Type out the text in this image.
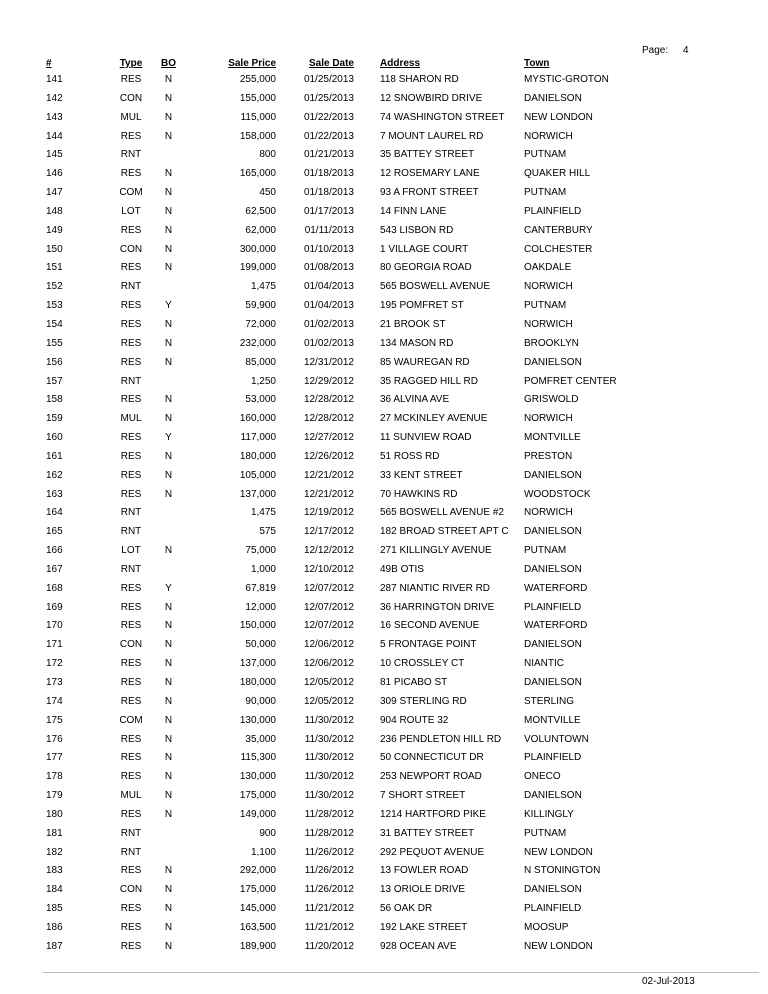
Page: 4
#	Type	BO	Sale Price	Sale Date	Address	Town
141	RES	N	255,000	01/25/2013	118 SHARON RD	MYSTIC-GROTON
142	CON	N	155,000	01/25/2013	12 SNOWBIRD DRIVE	DANIELSON
143	MUL	N	115,000	01/22/2013	74 WASHINGTON STREET	NEW LONDON
144	RES	N	158,000	01/22/2013	7 MOUNT LAUREL RD	NORWICH
145	RNT		800	01/21/2013	35 BATTEY STREET	PUTNAM
146	RES	N	165,000	01/18/2013	12 ROSEMARY LANE	QUAKER HILL
147	COM	N	450	01/18/2013	93 A FRONT STREET	PUTNAM
148	LOT	N	62,500	01/17/2013	14 FINN LANE	PLAINFIELD
149	RES	N	62,000	01/11/2013	543 LISBON RD	CANTERBURY
150	CON	N	300,000	01/10/2013	1 VILLAGE COURT	COLCHESTER
151	RES	N	199,000	01/08/2013	80 GEORGIA ROAD	OAKDALE
152	RNT		1,475	01/04/2013	565 BOSWELL AVENUE	NORWICH
153	RES	Y	59,900	01/04/2013	195 POMFRET ST	PUTNAM
154	RES	N	72,000	01/02/2013	21 BROOK ST	NORWICH
155	RES	N	232,000	01/02/2013	134 MASON RD	BROOKLYN
156	RES	N	85,000	12/31/2012	85 WAUREGAN RD	DANIELSON
157	RNT		1,250	12/29/2012	35 RAGGED HILL RD	POMFRET CENTER
158	RES	N	53,000	12/28/2012	36 ALVINA AVE	GRISWOLD
159	MUL	N	160,000	12/28/2012	27 MCKINLEY AVENUE	NORWICH
160	RES	Y	117,000	12/27/2012	11 SUNVIEW ROAD	MONTVILLE
161	RES	N	180,000	12/26/2012	51 ROSS RD	PRESTON
162	RES	N	105,000	12/21/2012	33 KENT STREET	DANIELSON
163	RES	N	137,000	12/21/2012	70 HAWKINS RD	WOODSTOCK
164	RNT		1,475	12/19/2012	565 BOSWELL AVENUE #2	NORWICH
165	RNT		575	12/17/2012	182 BROAD STREET APT C	DANIELSON
166	LOT	N	75,000	12/12/2012	271 KILLINGLY AVENUE	PUTNAM
167	RNT		1,000	12/10/2012	49B OTIS	DANIELSON
168	RES	Y	67,819	12/07/2012	287 NIANTIC RIVER RD	WATERFORD
169	RES	N	12,000	12/07/2012	36 HARRINGTON DRIVE	PLAINFIELD
170	RES	N	150,000	12/07/2012	16 SECOND AVENUE	WATERFORD
171	CON	N	50,000	12/06/2012	5 FRONTAGE POINT	DANIELSON
172	RES	N	137,000	12/06/2012	10 CROSSLEY CT	NIANTIC
173	RES	N	180,000	12/05/2012	81 PICABO ST	DANIELSON
174	RES	N	90,000	12/05/2012	309 STERLING RD	STERLING
175	COM	N	130,000	11/30/2012	904 ROUTE 32	MONTVILLE
176	RES	N	35,000	11/30/2012	236 PENDLETON HILL RD	VOLUNTOWN
177	RES	N	115,300	11/30/2012	50 CONNECTICUT DR	PLAINFIELD
178	RES	N	130,000	11/30/2012	253 NEWPORT ROAD	ONECO
179	MUL	N	175,000	11/30/2012	7 SHORT STREET	DANIELSON
180	RES	N	149,000	11/28/2012	1214 HARTFORD PIKE	KILLINGLY
181	RNT		900	11/28/2012	31 BATTEY STREET	PUTNAM
182	RNT		1,100	11/26/2012	292 PEQUOT AVENUE	NEW LONDON
183	RES	N	292,000	11/26/2012	13 FOWLER ROAD	N STONINGTON
184	CON	N	175,000	11/26/2012	13 ORIOLE DRIVE	DANIELSON
185	RES	N	145,000	11/21/2012	56 OAK DR	PLAINFIELD
186	RES	N	163,500	11/21/2012	192 LAKE STREET	MOOSUP
187	RES	N	189,900	11/20/2012	928 OCEAN AVE	NEW LONDON
02-Jul-2013
